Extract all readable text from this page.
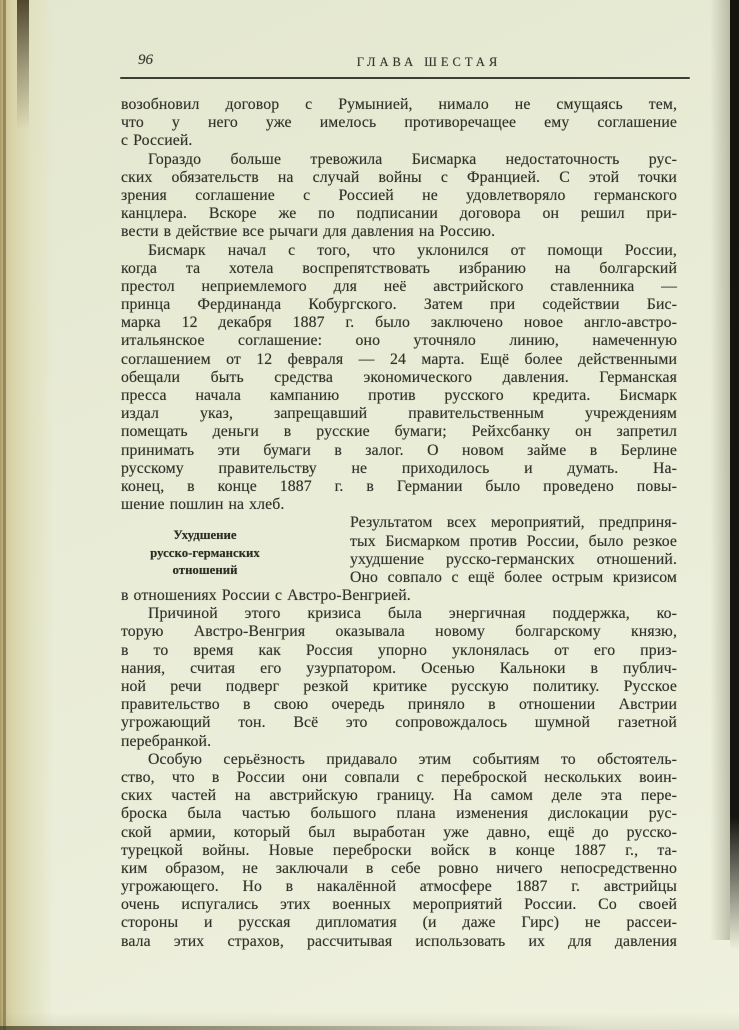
96	ГЛАВА ШЕСТАЯ
возобновил договор с Румынией, нимало не смущаясь тем,
что у него уже имелось противоречащее ему соглашение
с Россией.
Гораздо больше тревожила Бисмарка недостаточность рус-
ских обязательств на случай войны с Францией. С этой точки
зрения соглашение с Россией не удовлетворяло германского
канцлера. Вскоре же по подписании договора он решил при-
вести в действие все рычаги для давления на Россию.
Бисмарк начал с того, что уклонился от помощи России,
когда та хотела воспрепятствовать избранию на болгарский
престол неприемлемого для неё австрийского ставленника —
принца Фердинанда Кобургского. Затем при содействии Бис-
марка 12 декабря 1887 г. было заключено новое англо-австро-
итальянское соглашение: оно уточняло линию, намеченную
соглашением от 12 февраля — 24 марта. Ещё более действенными
обещали быть средства экономического давления. Германская
пресса начала кампанию против русского кредита. Бисмарк
издал указ, запрещавший правительственным учреждениям
помещать деньги в русские бумаги; Рейхсбанку он запретил
принимать эти бумаги в залог. О новом займе в Берлине
русскому правительству не приходилось и думать. На-
конец, в конце 1887 г. в Германии было проведено повы-
шение пошлин на хлеб.
Результатом всех мероприятий, предприня-
тых Бисмарком против России, было резкое
ухудшение русско-германских отношений.
Оно совпало с ещё более острым кризисом
в отношениях России с Австро-Венгрией.
Причиной этого кризиса была энергичная поддержка, ко-
торую Австро-Венгрия оказывала новому болгарскому князю,
в то время как Россия упорно уклонялась от его приз-
нания, считая его узурпатором. Осенью Кальноки в публич-
ной речи подверг резкой критике русскую политику. Русское
правительство в свою очередь приняло в отношении Австрии
угрожающий тон. Всё это сопровождалось шумной газетной
перебранкой.
Особую серьёзность придавало этим событиям то обстоятель-
ство, что в России они совпали с переброской нескольких воин-
ских частей на австрийскую границу. На самом деле эта пере-
броска была частью большого плана изменения дислокации рус-
ской армии, который был выработан уже давно, ещё до русско-
турецкой войны. Новые переброски войск в конце 1887 г., та-
ким образом, не заключали в себе ровно ничего непосредственно
угрожающего. Но в накалённой атмосфере 1887 г. австрийцы
очень испугались этих военных мероприятий России. Со своей
стороны и русская дипломатия (и даже Гирс) не рассеи-
вала этих страхов, рассчитывая использовать их для давления
Ухудшение
русско-германских
отношений
